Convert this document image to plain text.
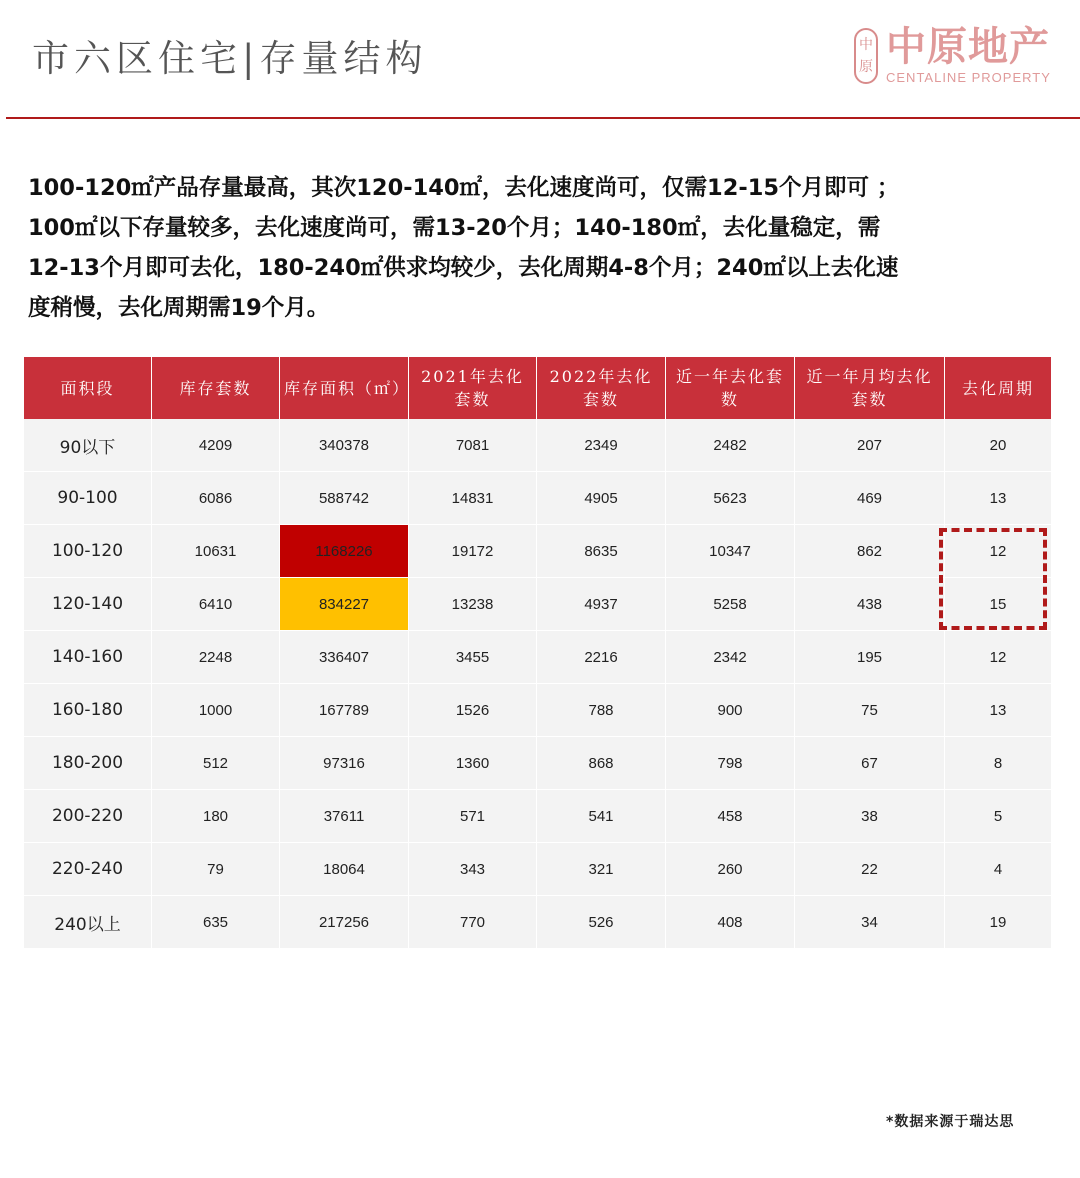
市六区住宅|存量结构	中原 中原地产
CENTALINE PROPERTY

100-120㎡产品存量最高，其次120-140㎡，去化速度尚可，仅需12-15个月即可 ；

100㎡以下存量较多，去化速度尚可，需13-20个月；140-180㎡，去化量稳定，需

12-13个月即可去化，180-240㎡供求均较少，去化周期4-8个月；240㎡以上去化速

度稍慢，去化周期需19个月。

面积段	库存套数	库存面积（㎡）	2021年去化套数	2022年去化套数	近一年去化套数	近一年月均去化套数	去化周期
90以下	4209	340378	7081	2349	2482	207	20
90-100	6086	588742	14831	4905	5623	469	13
100-120	10631	1168226	19172	8635	10347	862	12
120-140	6410	834227	13238	4937	5258	438	15
140-160	2248	336407	3455	2216	2342	195	12
160-180	1000	167789	1526	788	900	75	13
180-200	512	97316	1360	868	798	67	8
200-220	180	37611	571	541	458	38	5
220-240	79	18064	343	321	260	22	4
240以上	635	217256	770	526	408	34	19
*数据来源于瑞达思
